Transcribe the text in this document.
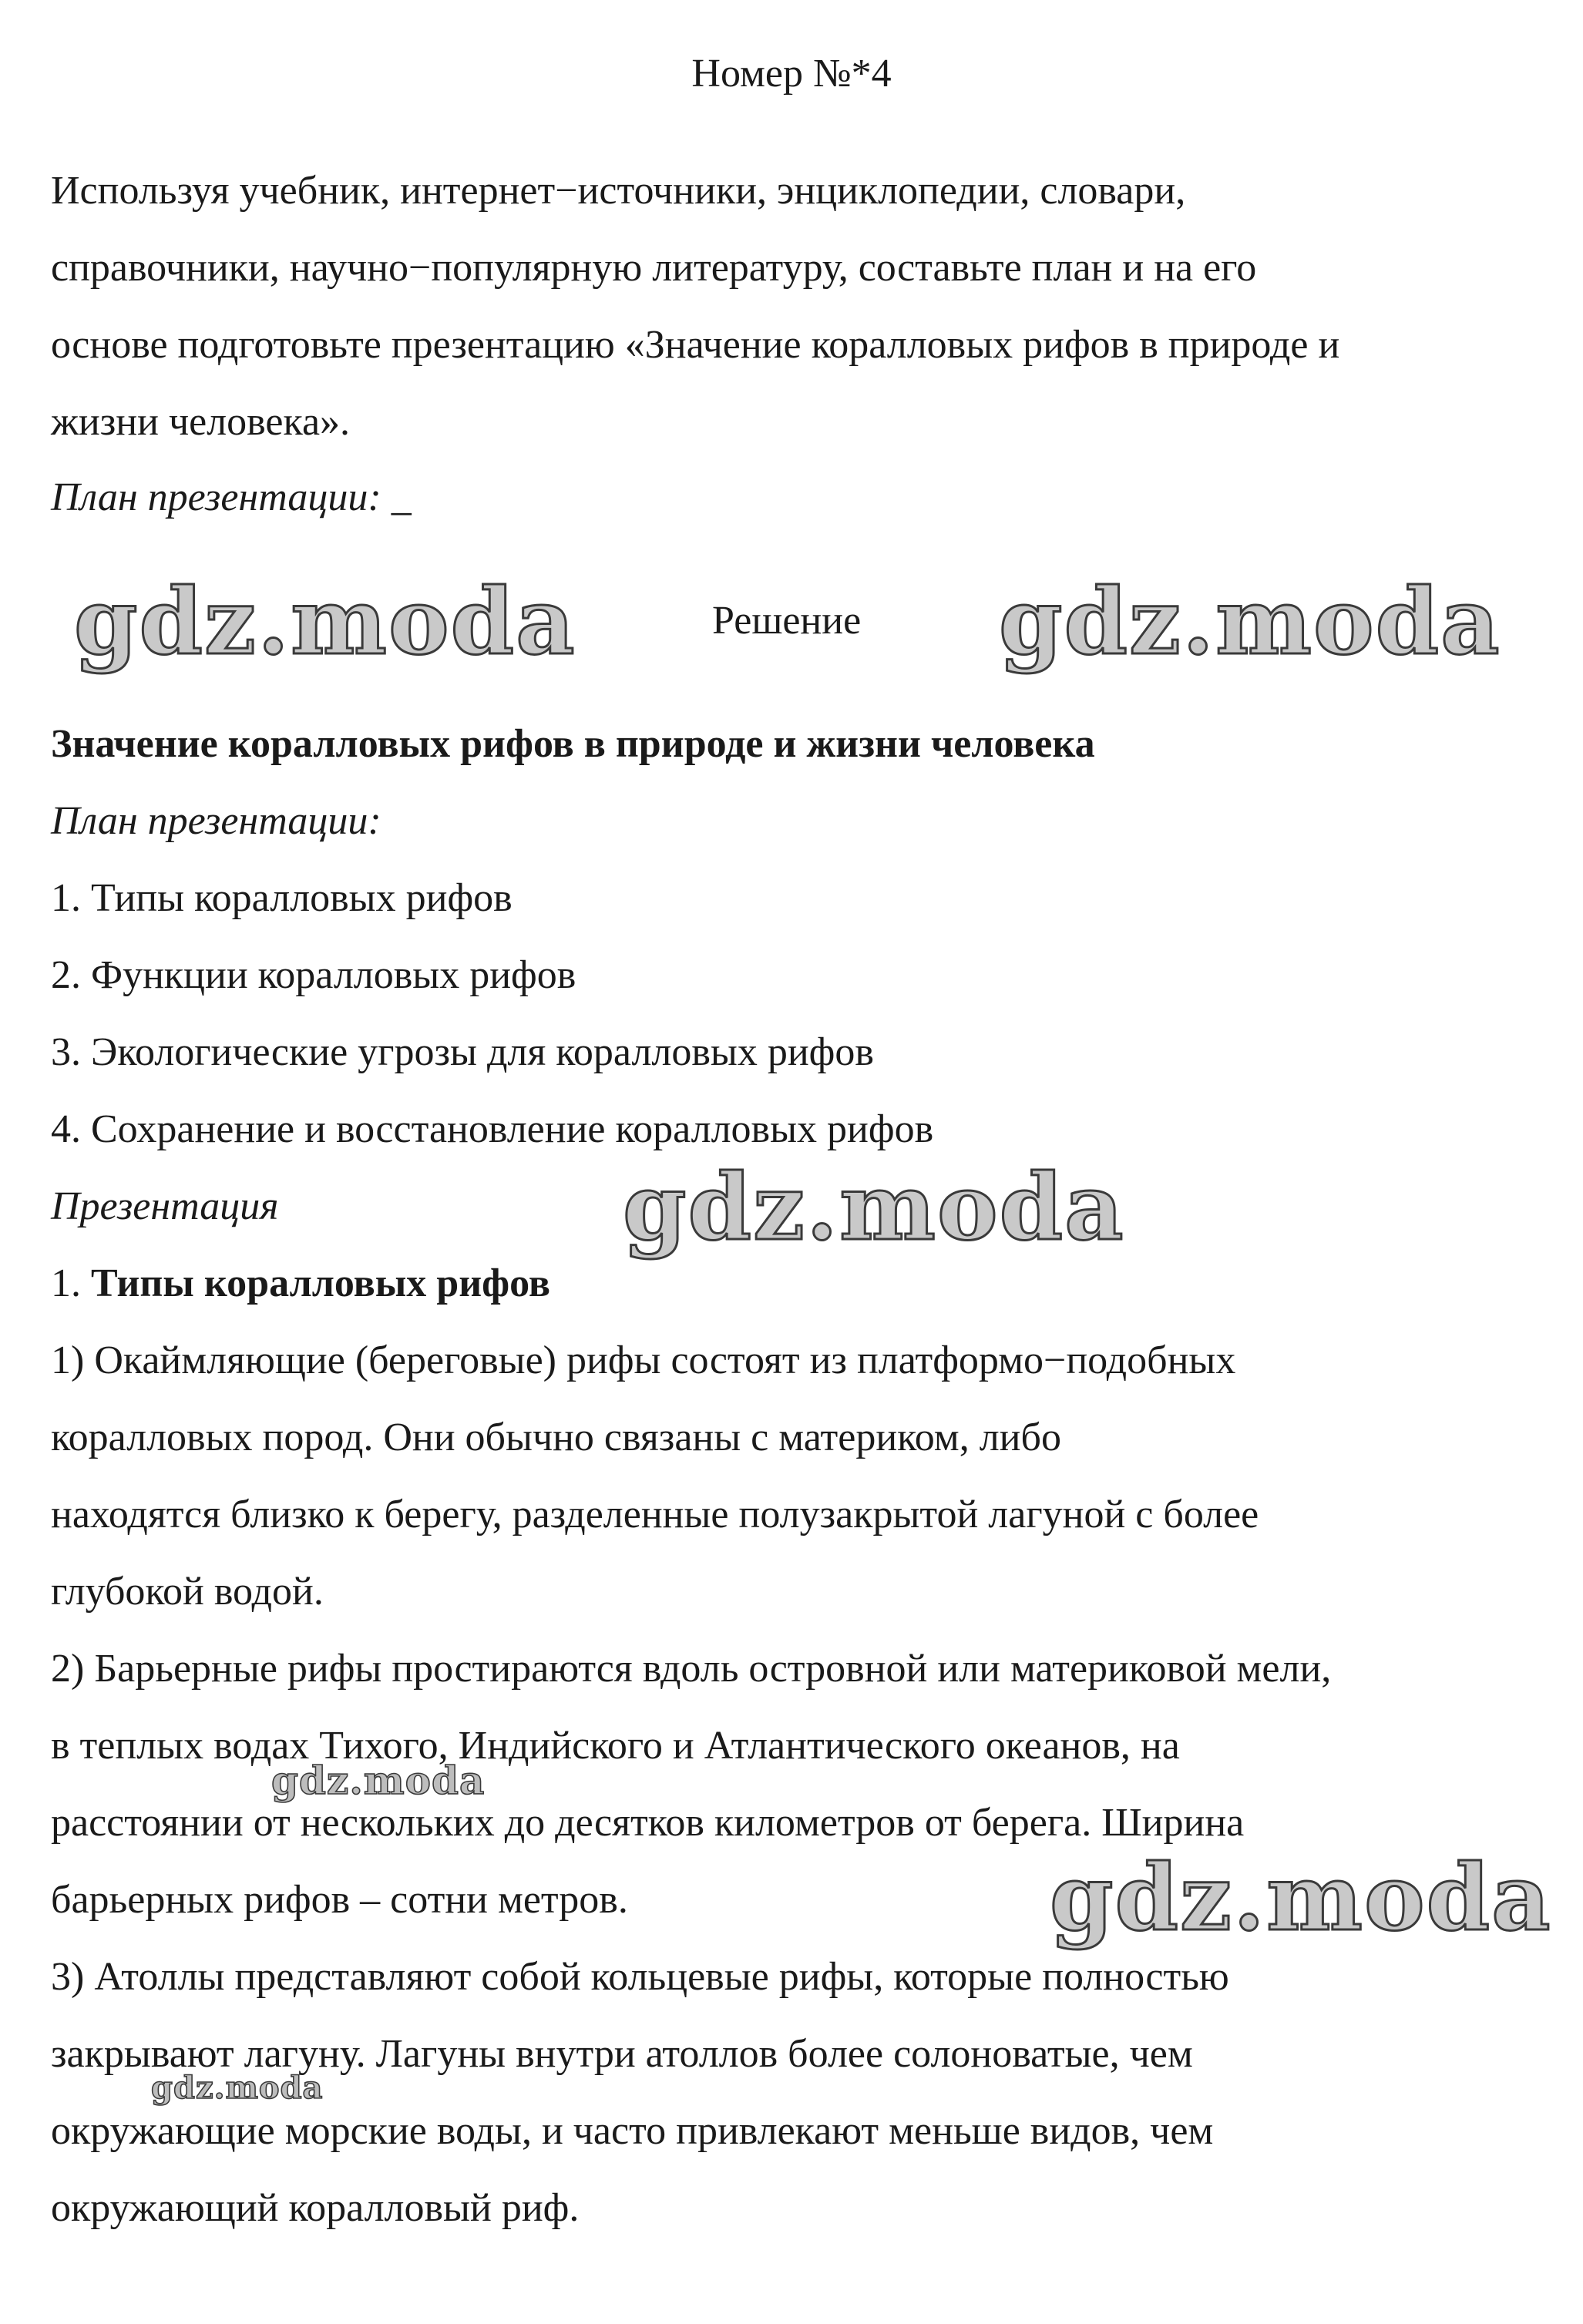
Номер №*4
Используя учебник, интернет−источники, энциклопедии, словари,
справочники, научно−популярную литературу, составьте план и на его
основе подготовьте презентацию «Значение коралловых рифов в природе и
жизни человека».
План презентации: _
gdz.moda	Решение gdz.moda
Значение коралловых рифов в природе и жизни человека
План презентации:
1. Типы коралловых рифов
2. Функции коралловых рифов
3. Экологические угрозы для коралловых рифов
4. Сохранение и восстановление коралловых рифов
Презентация	gdz.moda
1. Типы коралловых рифов
1) Окаймляющие (береговые) рифы состоят из платформо−подобных
коралловых пород. Они обычно связаны с материком, либо
находятся близко к берегу, разделенные полузакрытой лагуной с более
глубокой водой.
2) Барьерные рифы простираются вдоль островной или материковой мели,
в теплых водах Тихого, Индийского и Атлантического океанов, на
gdz.moda
расстоянии от нескольких до десятков километров от берега. Ширина
барьерных рифов – сотни метров.	gdz.moda
3) Атоллы представляют собой кольцевые рифы, которые полностью
закрывают лагуну. Лагуны внутри атоллов более солоноватые, чем
gdz.moda
окружающие морские воды, и часто привлекают меньше видов, чем
окружающий коралловый риф.
